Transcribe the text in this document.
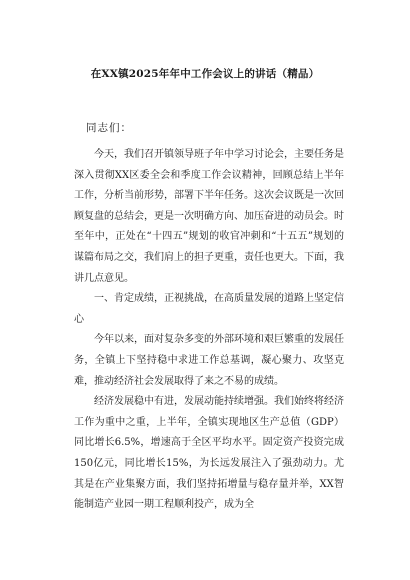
在XX镇2025年年中工作会议上的讲话（精品）
同志们：

今天，我们召开镇领导班子年中学习讨论会，主要任务是深入贯彻XX区委全会和季度工作会议精神，回顾总结上半年工作，分析当前形势，部署下半年任务。这次会议既是一次回顾复盘的总结会，更是一次明确方向、加压奋进的动员会。时至年中，正处在“十四五”规划的收官冲刺和“十五五”规划的谋篇布局之交，我们肩上的担子更重，责任也更大。下面，我讲几点意见。

一、肯定成绩，正视挑战，在高质量发展的道路上坚定信心

今年以来，面对复杂多变的外部环境和艰巨繁重的发展任务，全镇上下坚持稳中求进工作总基调，凝心聚力、攻坚克难，推动经济社会发展取得了来之不易的成绩。

经济发展稳中有进，发展动能持续增强。我们始终将经济工作为重中之重，上半年，全镇实现地区生产总值（GDP）同比增长6.5%，增速高于全区平均水平。固定资产投资完成150亿元，同比增长15%，为长远发展注入了强劲动力。尤其是在产业集聚方面，我们坚持拓增量与稳存量并举，XX智能制造产业园一期工程顺利投产，成为全
